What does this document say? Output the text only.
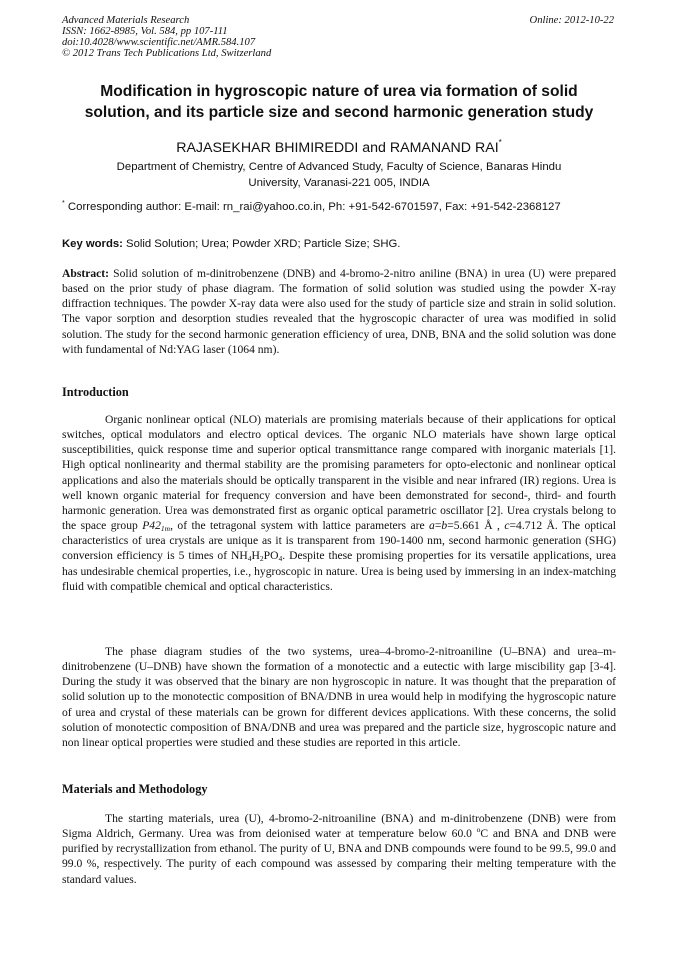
Advanced Materials Research
ISSN: 1662-8985, Vol. 584, pp 107-111
doi:10.4028/www.scientific.net/AMR.584.107
© 2012 Trans Tech Publications Ltd, Switzerland
Online: 2012-10-22
Modification in hygroscopic nature of urea via formation of solid
solution, and its particle size and second harmonic generation study
RAJASEKHAR BHIMIREDDI and RAMANAND RAI*
Department of Chemistry, Centre of Advanced Study, Faculty of Science, Banaras Hindu
University, Varanasi-221 005, INDIA
* Corresponding author: E-mail: rn_rai@yahoo.co.in, Ph: +91-542-6701597, Fax: +91-542-2368127
Key words: Solid Solution; Urea; Powder XRD; Particle Size; SHG.
Abstract: Solid solution of m-dinitrobenzene (DNB) and 4-bromo-2-nitro aniline (BNA) in urea (U) were prepared based on the prior study of phase diagram. The formation of solid solution was studied using the powder X-ray diffraction techniques. The powder X-ray data were also used for the study of particle size and strain in solid solution. The vapor sorption and desorption studies revealed that the hygroscopic character of urea was modified in solid solution. The study for the second harmonic generation efficiency of urea, DNB, BNA and the solid solution was done with fundamental of Nd:YAG laser (1064 nm).
Introduction
Organic nonlinear optical (NLO) materials are promising materials because of their applications for optical switches, optical modulators and electro optical devices. The organic NLO materials have shown large optical susceptibilities, quick response time and superior optical transmittance range compared with inorganic materials [1]. High optical nonlinearity and thermal stability are the promising parameters for opto-electonic and nonlinear optical applications and also the materials should be optically transparent in the visible and near infrared (IR) regions. Urea is well known organic material for frequency conversion and have been demonstrated for second-, third- and fourth harmonic generation. Urea was demonstrated first as organic optical parametric oscillator [2]. Urea crystals belong to the space group P421m, of the tetragonal system with lattice parameters are a=b=5.661 Å , c=4.712 Å. The optical characteristics of urea crystals are unique as it is transparent from 190-1400 nm, second harmonic generation (SHG) conversion efficiency is 5 times of NH4H2PO4. Despite these promising properties for its versatile applications, urea has undesirable chemical properties, i.e., hygroscopic in nature. Urea is being used by immersing in an index-matching fluid with compatible chemical and optical characteristics.
The phase diagram studies of the two systems, urea–4-bromo-2-nitroaniline (U–BNA) and urea–m-dinitrobenzene (U–DNB) have shown the formation of a monotectic and a eutectic with large miscibility gap [3-4]. During the study it was observed that the binary are non hygroscopic in nature. It was thought that the preparation of solid solution up to the monotectic composition of BNA/DNB in urea would help in modifying the hygroscopic nature of urea and crystal of these materials can be grown for different devices applications. With these concerns, the solid solution of monotectic composition of BNA/DNB and urea was prepared and the particle size, hygroscopic nature and non linear optical properties were studied and these studies are reported in this article.
Materials and Methodology
The starting materials, urea (U), 4-bromo-2-nitroaniline (BNA) and m-dinitrobenzene (DNB) were from Sigma Aldrich, Germany. Urea was from deionised water at temperature below 60.0 $^o$C and BNA and DNB were purified by recrystallization from ethanol. The purity of U, BNA and DNB compounds were found to be 99.5, 99.0 and 99.0 %, respectively. The purity of each compound was assessed by comparing their melting temperature with the standard values.
